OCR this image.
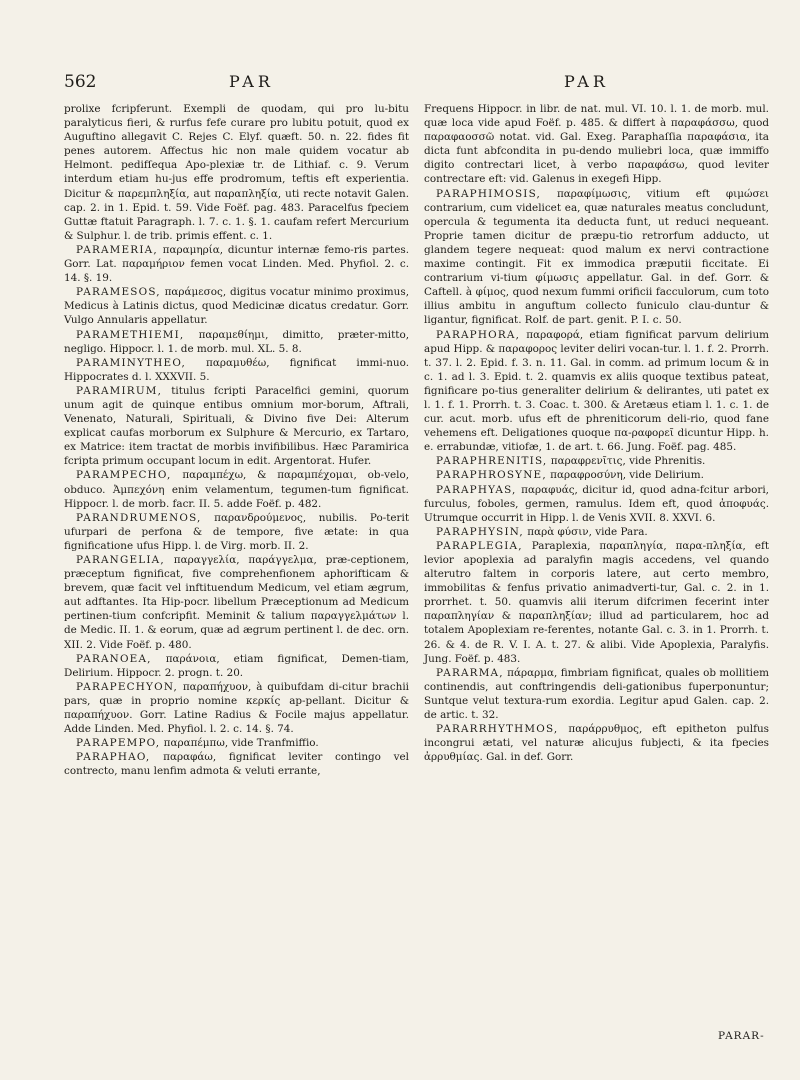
562	PAR	PAR

prolixe fcripferunt. Exempli de quodam, qui pro lu-bitu paralyticus fieri, & rurfus fefe curare pro lubitu potuit, quod ex Auguftino allegavit C. Rejes C. Elyf. quæft. 50. n. 22. fides fit penes autorem. Affectus hic non male quidem vocatur ab Helmont. pedifſequa Apo-plexiæ tr. de Lithiaf. c. 9. Verum interdum etiam hu-jus effe prodromum, teftis eft experientia. Dicitur & παρεμπληξία, aut παραπληξία, uti recte notavit Galen. cap. 2. in 1. Epid. t. 59. Vide Foëf. pag. 483. Paracelfus fpeciem Guttæ ftatuit Paragraph. l. 7. c. 1. §. 1. caufam refert Mercurium & Sulphur. l. de trib. primis effent. c. 1.

PARAMERIA, παραμηρία, dicuntur internæ femo-ris partes. Gorr. Lat. παραμήριον femen vocat Linden. Med. Phyfiol. 2. c. 14. §. 19.

PARAMESOS, παράμεσος, digitus vocatur minimo proximus, Medicus à Latinis dictus, quod Medicinæ dicatus credatur. Gorr. Vulgo Annularis appellatur.

PARAMETHIEMI, παραμεθίημι, dimitto, præter-mitto, negligo. Hippocr. l. 1. de morb. mul. XL. 5. 8.

PARAMINYTHEO, παραμυθέω, fignificat immi-nuo. Hippocrates d. l. XXXVII. 5.

PARAMIRUM, titulus fcripti Paracelfici gemini, quorum unum agit de quinque entibus omnium mor-borum, Aftrali, Venenato, Naturali, Spirituali, & Divino five Dei: Alterum explicat caufas morborum ex Sulphure & Mercurio, ex Tartaro, ex Matrice: item tractat de morbis invifibilibus. Hæc Paramirica fcripta primum occupant locum in edit. Argentorat. Hufer.

PARAMPECHO, παραμπέχω, & παραμπέχομαι, ob-velo, obduco. Ἀμπεχόνη enim velamentum, tegumen-tum fignificat. Hippocr. l. de morb. facr. II. 5. adde Foëf. p. 482.

PARANDRUMENOS, παρανδρούμενος, nubilis. Po-terit ufurpari de perfona & de tempore, five ætate: in qua fignificatione ufus Hipp. l. de Virg. morb. II. 2.

PARANGELIA, παραγγελία, παράγγελμα, præ-ceptionem, præceptum fignificat, five comprehenfionem aphorifticam & brevem, quæ facit vel inftituendum Medicum, vel etiam ægrum, aut adftantes. Ita Hip-pocr. libellum Præceptionum ad Medicum pertinen-tium confcripfit. Meminit & talium παραγγελμάτων l. de Medic. II. 1. & eorum, quæ ad ægrum pertinent l. de dec. orn. XII. 2. Vide Foëf. p. 480.

PARANOEA, παράνοια, etiam fignificat, Demen-tiam, Delirium. Hippocr. 2. progn. t. 20.

PARAPECHYON, παραπήχυον, à quibufdam di-citur brachii pars, quæ in proprio nomine κερκίς ap-pellant. Dicitur & παραπήχυον. Gorr. Latine Radius & Focile majus appellatur. Adde Linden. Med. Phyfiol. l. 2. c. 14. §. 74.

PARAPEMPO, παραπέμπω, vide Tranfmiffio.

PARAPHAO, παραφάω, fignificat leviter contingo vel contrecto, manu lenfim admota & veluti errante,

Frequens Hippocr. in libr. de nat. mul. VI. 10. l. 1. de morb. mul. quæ loca vide apud Foëf. p. 485. & differt à παραφάσσω, quod παραφαοσσῶ notat. vid. Gal. Exeg. Paraphaſſia παραφάσια, ita dicta funt abfcondita in pu-dendo muliebri loca, quæ immiffo digito contrectari licet, à verbo παραφάσω, quod leviter contrectare eft: vid. Galenus in exegefi Hipp.

PARAPHIMOSIS, παραφίμωσις, vitium eft φιμώσει contrarium, cum videlicet ea, quæ naturales meatus concludunt, opercula & tegumenta ita deducta funt, ut reduci nequeant. Proprie tamen dicitur de præpu-tio retrorfum adducto, ut glandem tegere nequeat: quod malum ex nervi contractione maxime contingit. Fit ex immodica præputii ficcitate. Ei contrarium vi-tium φίμωσις appellatur. Gal. in def. Gorr. & Caftell. à φίμος, quod nexum fummi orificii facculorum, cum toto illius ambitu in anguftum collecto funiculo clau-duntur & ligantur, fignificat. Rolf. de part. genit. P. I. c. 50.

PARAPHORA, παραφορά, etiam fignificat parvum delirium apud Hipp. & παραφορος leviter deliri vocan-tur. l. 1. f. 2. Prorrh. t. 37. l. 2. Epid. f. 3. n. 11. Gal. in comm. ad primum locum & in c. 1. ad l. 3. Epid. t. 2. quamvis ex aliis quoque textibus pateat, fignificare po-tius generaliter delirium & delirantes, uti patet ex l. 1. f. 1. Prorrh. t. 3. Coac. t. 300. & Aretæus etiam l. 1. c. 1. de cur. acut. morb. ufus eft de phreniticorum deli-rio, quod fane vehemens eft. Deligationes quoque πα-ραφορεῖ dicuntur Hipp. h. e. errabundæ, vitiofæ, 1. de art. t. 66. Jung. Foëf. pag. 485.

PARAPHRENITIS, παραφρενῖτις, vide Phrenitis.

PARAPHROSYNE, παραφροσύνη, vide Delirium.

PARAPHYAS, παραφυάς, dicitur id, quod adna-fcitur arbori, furculus, foboles, germen, ramulus. Idem eft, quod ἀποφυάς. Utrumque occurrit in Hipp. l. de Venis XVII. 8. XXVI. 6.

PARAPHYSIN, παρὰ φύσιν, vide Para.

PARAPLEGIA, Paraplexia, παραπληγία, παρα-πληξία, eft levior apoplexia ad paralyfin magis accedens, vel quando alterutro faltem in corporis latere, aut certo membro, immobilitas & fenfus privatio animadverti-tur, Gal. c. 2. in 1. prorrhet. t. 50. quamvis alii iterum difcrimen fecerint inter παραπληγίαν & παραπληξίαν; illud ad particularem, hoc ad totalem Apoplexiam re-ferentes, notante Gal. c. 3. in 1. Prorrh. t. 26. & 4. de R. V. I. A. t. 27. & alibi. Vide Apoplexia, Paralyfis. Jung. Foëf. p. 483.

PARARMA, πάραρμα, fimbriam fignificat, quales ob mollitiem continendis, aut conftringendis deli-gationibus fuperponuntur; Suntque velut textura-rum exordia. Legitur apud Galen. cap. 2. de artic. t. 32.

PARARRHYTHMOS, παράρρυθμος, eft epitheton pulfus incongrui ætati, vel naturæ alicujus fubjecti, & ita fpecies ἀρρυθμίας. Gal. in def. Gorr.

PARAR-
